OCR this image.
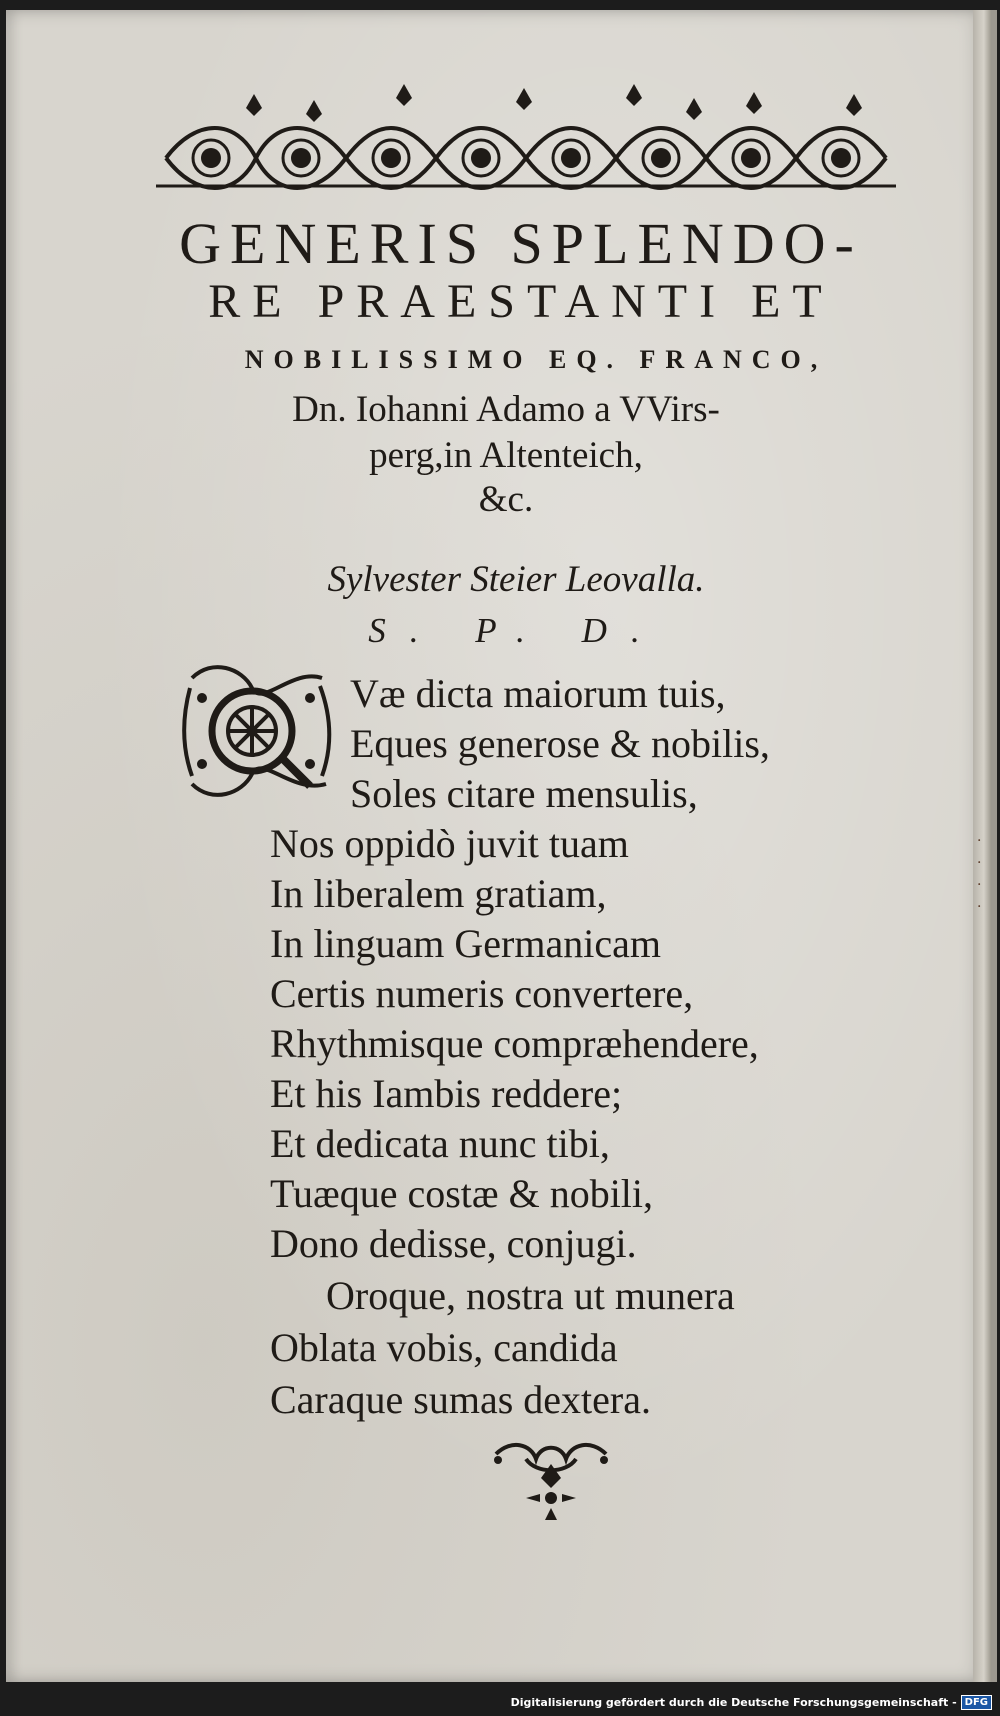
·
·
·
·
GENERIS SPLENDO-
RE PRAESTANTI ET
NOBILISSIMO EQ. FRANCO,
Dn. Iohanni Adamo a VVirs-
perg,in Altenteich,
&c.
Sylvester Steier Leovalla.
S. P. D.
Væ dicta maiorum tuis,
Eques generose & nobilis,
Soles citare mensulis,
Nos oppidò juvit tuam
In liberalem gratiam,
In linguam Germanicam
Certis numeris convertere,
Rhythmisque compræhendere,
Et his Iambis reddere;
Et dedicata nunc tibi,
Tuæque costæ & nobili,
Dono dedisse, conjugi.
Oroque, nostra ut munera
Oblata vobis, candida
Caraque sumas dextera.
Digitalisierung gefördert durch die Deutsche Forschungsgemeinschaft - DFG
